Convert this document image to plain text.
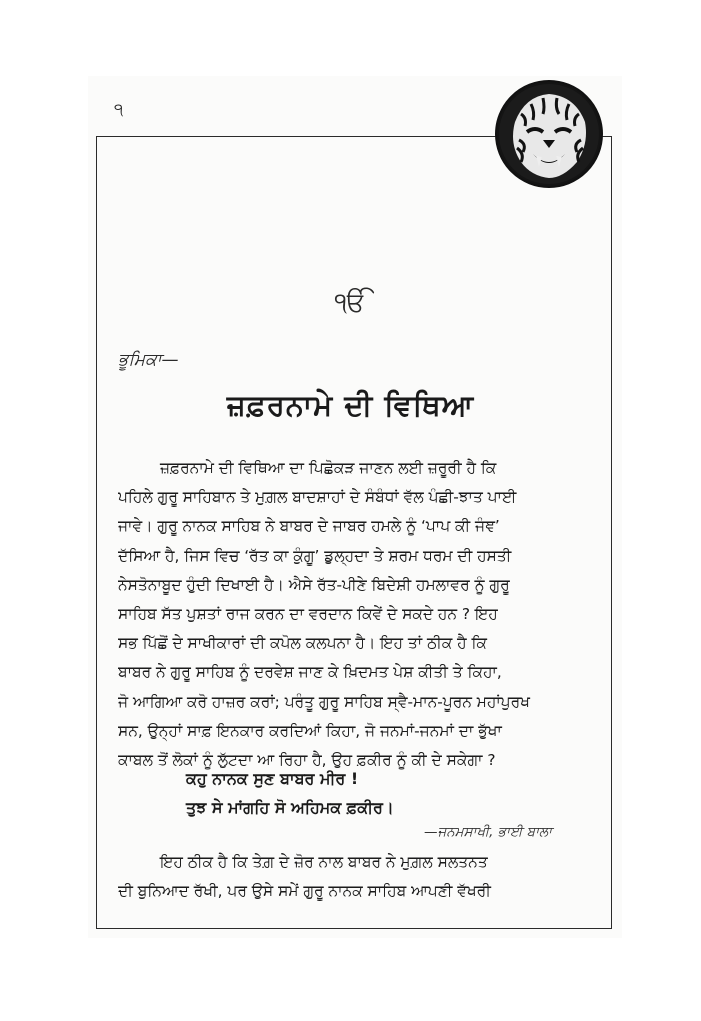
੧
ੴ
ਭੂਮਿਕਾ—
ਜ਼ਫ਼ਰਨਾਮੇ ਦੀ ਵਿਥਿਆ
ਜ਼ਫ਼ਰਨਾਮੇ ਦੀ ਵਿਥਿਆ ਦਾ ਪਿਛੋਕੜ ਜਾਣਨ ਲਈ ਜ਼ਰੂਰੀ ਹੈ ਕਿ
ਪਹਿਲੇ ਗੁਰੂ ਸਾਹਿਬਾਨ ਤੇ ਮੁਗ਼ਲ ਬਾਦਸ਼ਾਹਾਂ ਦੇ ਸੰਬੰਧਾਂ ਵੱਲ ਪੰਛੀ-ਝਾਤ ਪਾਈ
ਜਾਵੇ। ਗੁਰੂ ਨਾਨਕ ਸਾਹਿਬ ਨੇ ਬਾਬਰ ਦੇ ਜਾਬਰ ਹਮਲੇ ਨੂੰ ‘ਪਾਪ ਕੀ ਜੰਞ’
ਦੱਸਿਆ ਹੈ, ਜਿਸ ਵਿਚ ‘ਰੱਤ ਕਾ ਕੁੰਗੂ’ ਡੁਲ੍ਹਦਾ ਤੇ ਸ਼ਰਮ ਧਰਮ ਦੀ ਹਸਤੀ
ਨੇਸਤੋਨਾਬੂਦ ਹੁੰਦੀ ਦਿਖਾਈ ਹੈ। ਐਸੇ ਰੱਤ-ਪੀਣੇ ਬਿਦੇਸ਼ੀ ਹਮਲਾਵਰ ਨੂੰ ਗੁਰੂ
ਸਾਹਿਬ ਸੱਤ ਪੁਸ਼ਤਾਂ ਰਾਜ ਕਰਨ ਦਾ ਵਰਦਾਨ ਕਿਵੇਂ ਦੇ ਸਕਦੇ ਹਨ ? ਇਹ
ਸਭ ਪਿੱਛੋਂ ਦੇ ਸਾਖੀਕਾਰਾਂ ਦੀ ਕਪੋਲ ਕਲਪਨਾ ਹੈ। ਇਹ ਤਾਂ ਠੀਕ ਹੈ ਕਿ
ਬਾਬਰ ਨੇ ਗੁਰੂ ਸਾਹਿਬ ਨੂੰ ਦਰਵੇਸ਼ ਜਾਣ ਕੇ ਖ਼ਿਦਮਤ ਪੇਸ਼ ਕੀਤੀ ਤੇ ਕਿਹਾ,
ਜੋ ਆਗਿਆ ਕਰੋ ਹਾਜ਼ਰ ਕਰਾਂ; ਪਰੰਤੂ ਗੁਰੂ ਸਾਹਿਬ ਸ੍ਵੈ-ਮਾਨ-ਪੂਰਨ ਮਹਾਂਪੁਰਖ
ਸਨ, ਉਨ੍ਹਾਂ ਸਾਫ਼ ਇਨਕਾਰ ਕਰਦਿਆਂ ਕਿਹਾ, ਜੋ ਜਨਮਾਂ-ਜਨਮਾਂ ਦਾ ਭੁੱਖਾ
ਕਾਬਲ ਤੋਂ ਲੋਕਾਂ ਨੂੰ ਲੁੱਟਦਾ ਆ ਰਿਹਾ ਹੈ, ਉਹ ਫ਼ਕੀਰ ਨੂੰ ਕੀ ਦੇ ਸਕੇਗਾ ?
ਕਹੁ ਨਾਨਕ ਸੁਣ ਬਾਬਰ ਮੀਰ !
ਤੁਝ ਸੇ ਮਾਂਗਹਿ ਸੋ ਅਹਿਮਕ ਫ਼ਕੀਰ।
—ਜਨਮਸਾਖੀ, ਭਾਈ ਬਾਲਾ
ਇਹ ਠੀਕ ਹੈ ਕਿ ਤੇਗ਼ ਦੇ ਜ਼ੋਰ ਨਾਲ ਬਾਬਰ ਨੇ ਮੁਗ਼ਲ ਸਲਤਨਤ
ਦੀ ਬੁਨਿਆਦ ਰੱਖੀ, ਪਰ ਉਸੇ ਸਮੇਂ ਗੁਰੂ ਨਾਨਕ ਸਾਹਿਬ ਆਪਣੀ ਵੱਖਰੀ
